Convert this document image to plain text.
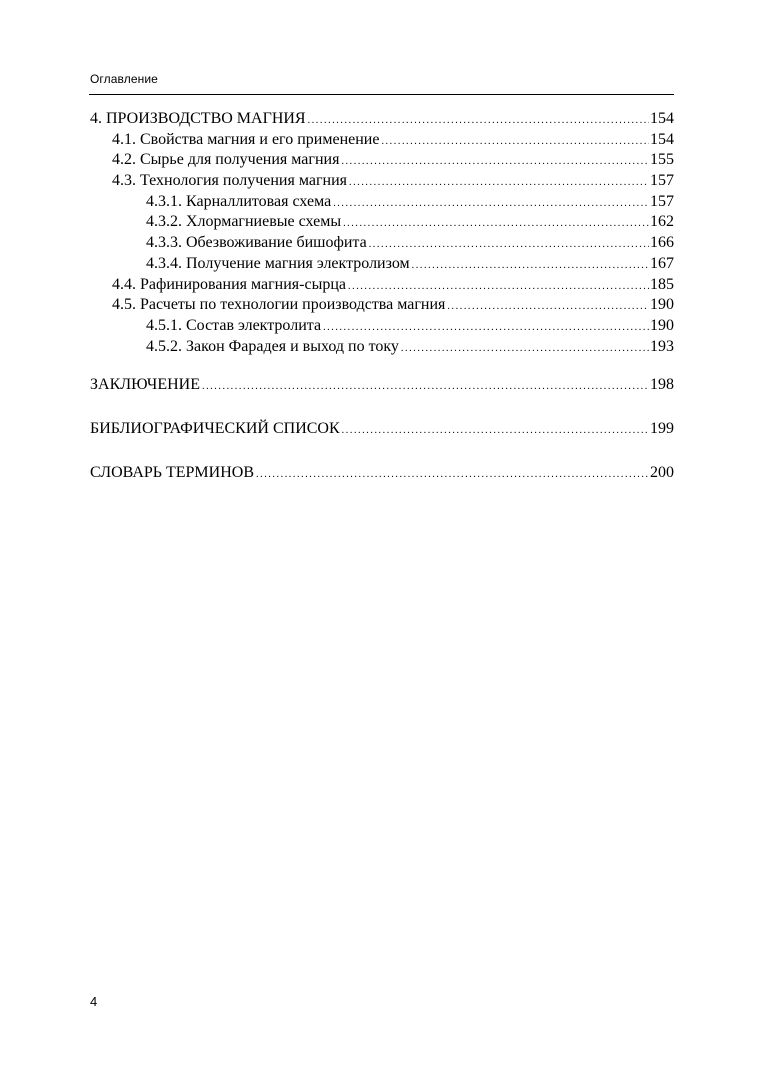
Оглавление
4. ПРОИЗВОДСТВО МАГНИЯ .....	154
4.1. Свойства магния и его применение .....	154
4.2. Сырье для получения магния .....	155
4.3. Технология получения магния .....	157
4.3.1. Карналлитовая схема .....	157
4.3.2. Хлормагниевые схемы .....	162
4.3.3. Обезвоживание бишофита .....	166
4.3.4. Получение магния электролизом .....	167
4.4. Рафинирования магния-сырца .....	185
4.5. Расчеты по технологии производства магния .....	190
4.5.1. Состав электролита .....	190
4.5.2. Закон Фарадея и выход по току .....	193
ЗАКЛЮЧЕНИЕ .....	198
БИБЛИОГРАФИЧЕСКИЙ СПИСОК .....	199
СЛОВАРЬ ТЕРМИНОВ .....	200
4
